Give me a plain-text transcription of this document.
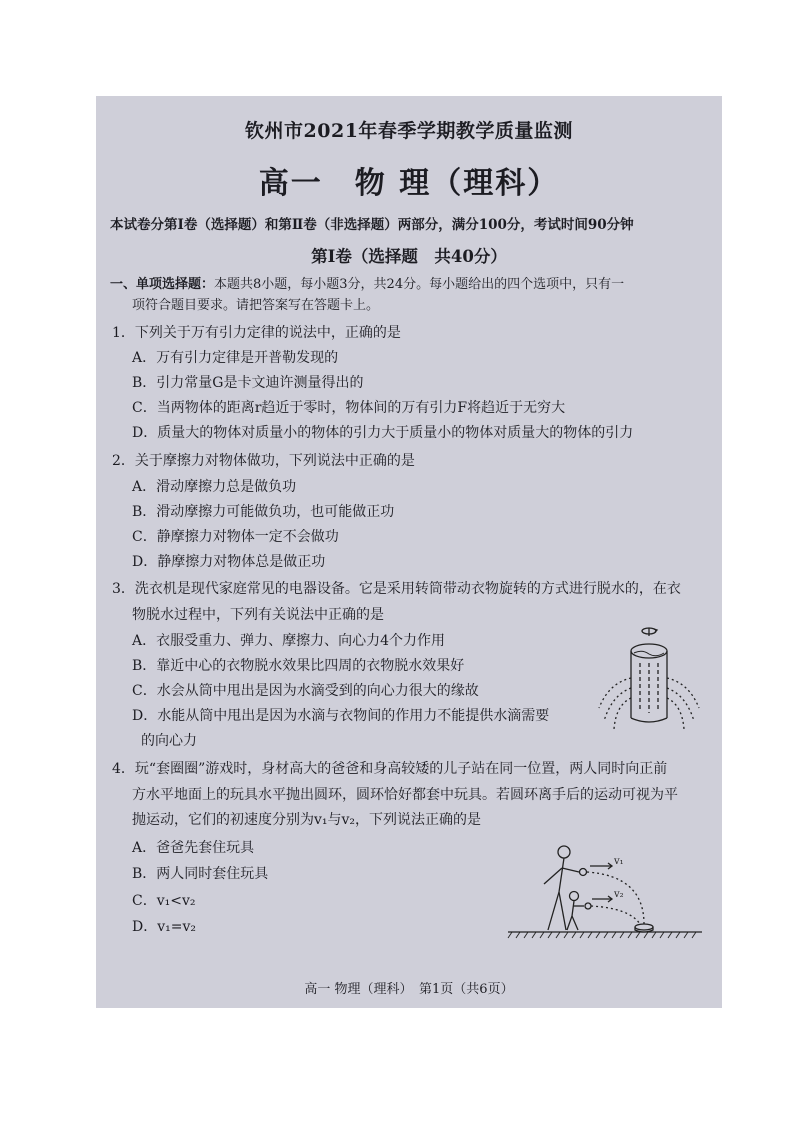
钦州市2021年春季学期教学质量监测
高一　物 理（理科）
本试卷分第Ⅰ卷（选择题）和第Ⅱ卷（非选择题）两部分，满分100分，考试时间90分钟
第Ⅰ卷（选择题　共40分）
一、单项选择题：本题共8小题，每小题3分，共24分。每小题给出的四个选项中，只有一
项符合题目要求。请把答案写在答题卡上。
1．下列关于万有引力定律的说法中，正确的是
A．万有引力定律是开普勒发现的
B．引力常量G是卡文迪许测量得出的
C．当两物体的距离r趋近于零时，物体间的万有引力F将趋近于无穷大
D．质量大的物体对质量小的物体的引力大于质量小的物体对质量大的物体的引力
2．关于摩擦力对物体做功，下列说法中正确的是
A．滑动摩擦力总是做负功
B．滑动摩擦力可能做负功，也可能做正功
C．静摩擦力对物体一定不会做功
D．静摩擦力对物体总是做正功
3．洗衣机是现代家庭常见的电器设备。它是采用转筒带动衣物旋转的方式进行脱水的，在衣
物脱水过程中，下列有关说法中正确的是
A．衣服受重力、弹力、摩擦力、向心力4个力作用
B．靠近中心的衣物脱水效果比四周的衣物脱水效果好
C．水会从筒中甩出是因为水滴受到的向心力很大的缘故
D．水能从筒中甩出是因为水滴与衣物间的作用力不能提供水滴需要
的向心力
4．玩“套圈圈”游戏时，身材高大的爸爸和身高较矮的儿子站在同一位置，两人同时向正前
方水平地面上的玩具水平抛出圆环，圆环恰好都套中玩具。若圆环离手后的运动可视为平
抛运动，它们的初速度分别为v₁与v₂，下列说法正确的是
A．爸爸先套住玩具
B．两人同时套住玩具
C．v₁<v₂
D．v₁=v₂
v₁
v₂
高一 物理（理科）　第1页（共6页）
